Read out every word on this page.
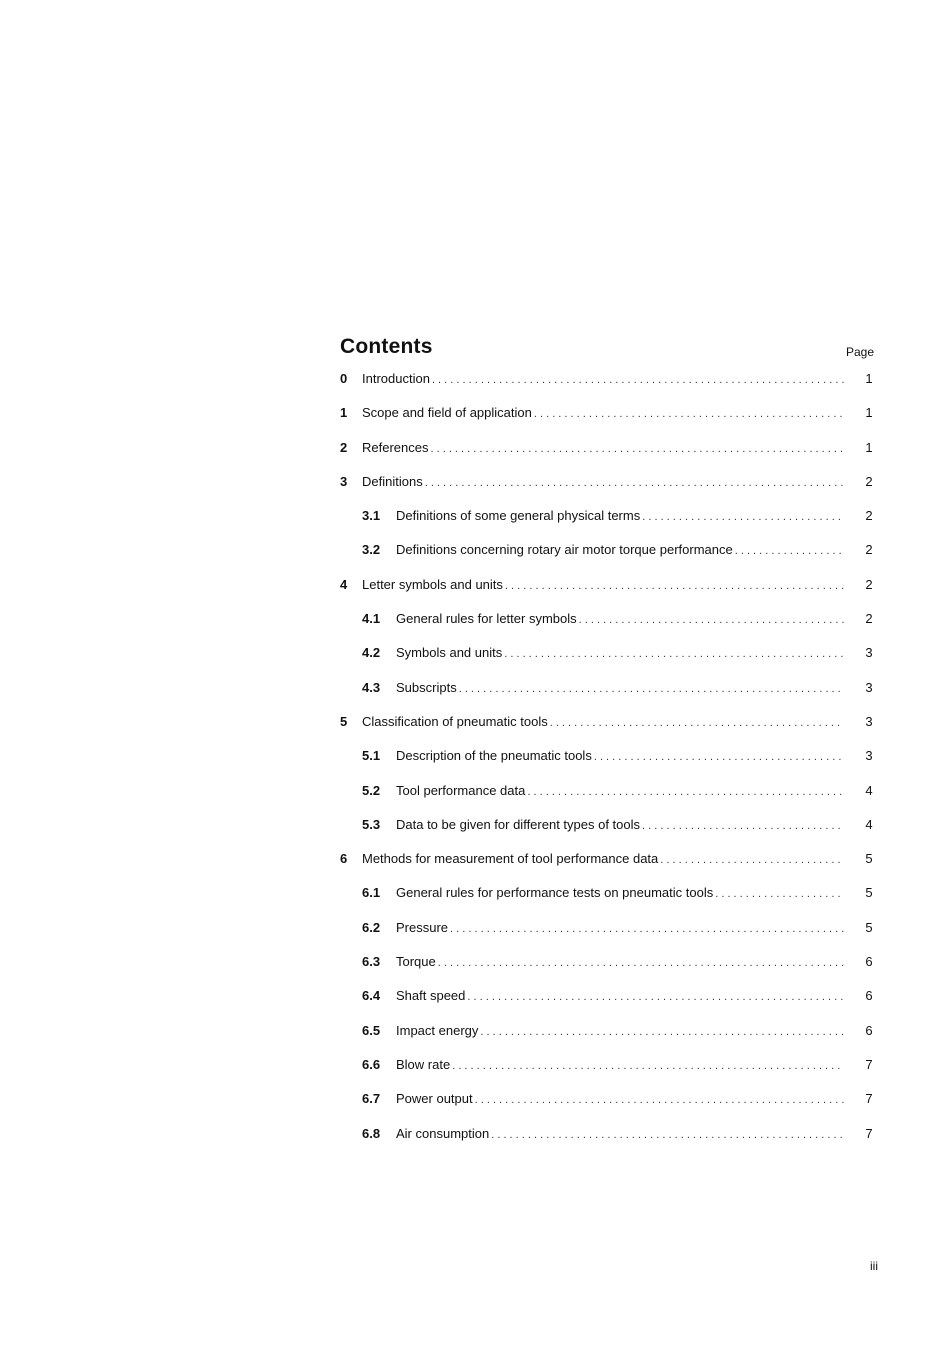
Contents	Page
0	Introduction . . .	1
1	Scope and field of application . . .	1
2	References . . .	1
3	Definitions . . .	2
3.1	Definitions of some general physical terms . . .	2
3.2	Definitions concerning rotary air motor torque performance . . .	2
4	Letter symbols and units . . .	2
4.1	General rules for letter symbols . . .	2
4.2	Symbols and units . . .	3
4.3	Subscripts . . .	3
5	Classification of pneumatic tools . . .	3
5.1	Description of the pneumatic tools . . .	3
5.2	Tool performance data . . .	4
5.3	Data to be given for different types of tools . . .	4
6	Methods for measurement of tool performance data . . .	5
6.1	General rules for performance tests on pneumatic tools . . .	5
6.2	Pressure . . .	5
6.3	Torque . . .	6
6.4	Shaft speed . . .	6
6.5	Impact energy . . .	6
6.6	Blow rate . . .	7
6.7	Power output . . .	7
6.8	Air consumption . . .	7
iii
